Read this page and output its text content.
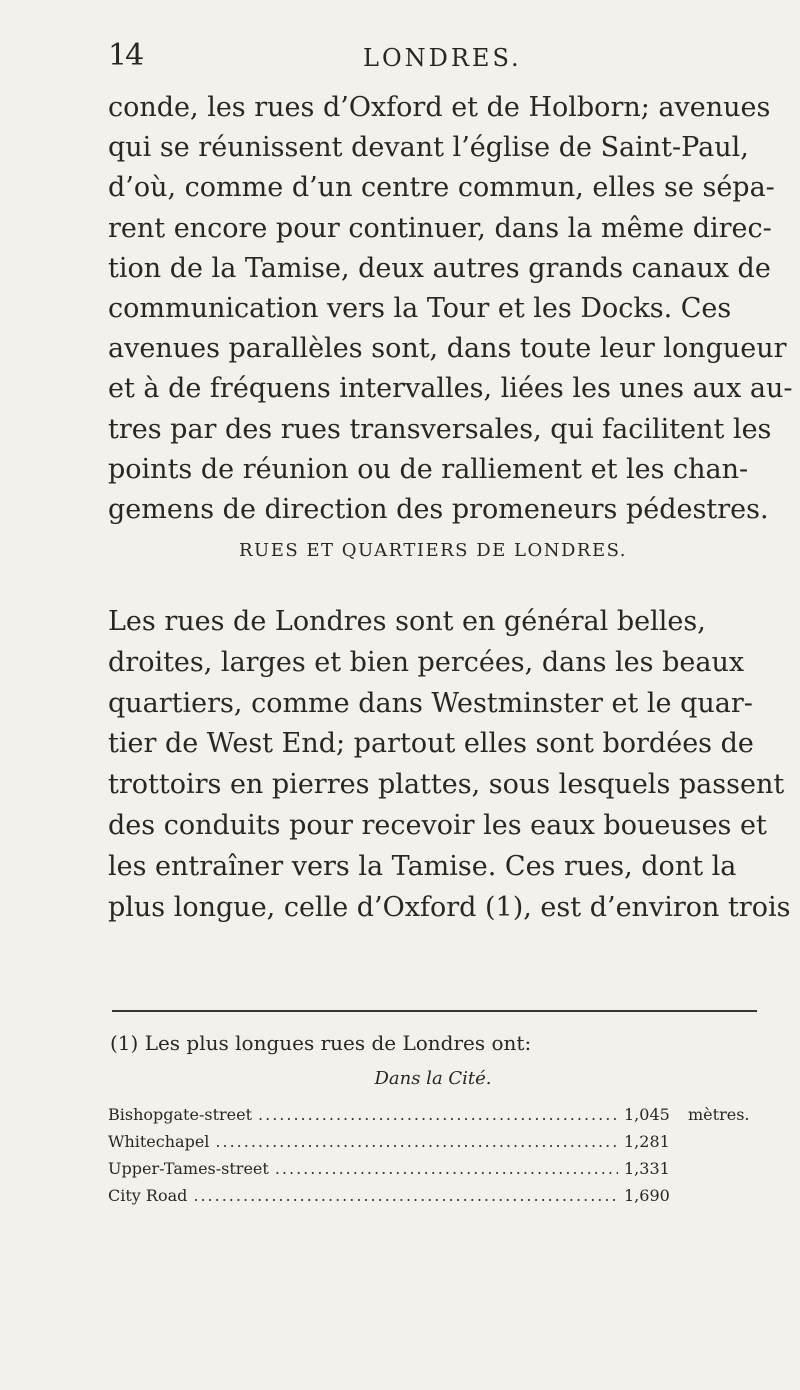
14	LONDRES.
conde, les rues d’Oxford et de Holborn; avenues
qui se réunissent devant l’église de Saint-Paul,
d’où, comme d’un centre commun, elles se sépa-
rent encore pour continuer, dans la même direc-
tion de la Tamise, deux autres grands canaux de
communication vers la Tour et les Docks. Ces
avenues parallèles sont, dans toute leur longueur
et à de fréquens intervalles, liées les unes aux au-
tres par des rues transversales, qui facilitent les
points de réunion ou de ralliement et les chan-
gemens de direction des promeneurs pédestres.
RUES ET QUARTIERS DE LONDRES.
Les rues de Londres sont en général belles,
droites, larges et bien percées, dans les beaux
quartiers, comme dans Westminster et le quar-
tier de West End; partout elles sont bordées de
trottoirs en pierres plattes, sous lesquels passent
des conduits pour recevoir les eaux boueuses et
les entraîner vers la Tamise. Ces rues, dont la
plus longue, celle d’Oxford (1), est d’environ trois
(1) Les plus longues rues de Londres ont:
Dans la Cité.
Bishopgate-street .....	1,045	mètres.
Whitechapel .....	1,281
Upper-Tames-street .....	1,331
City Road .....	1,690
